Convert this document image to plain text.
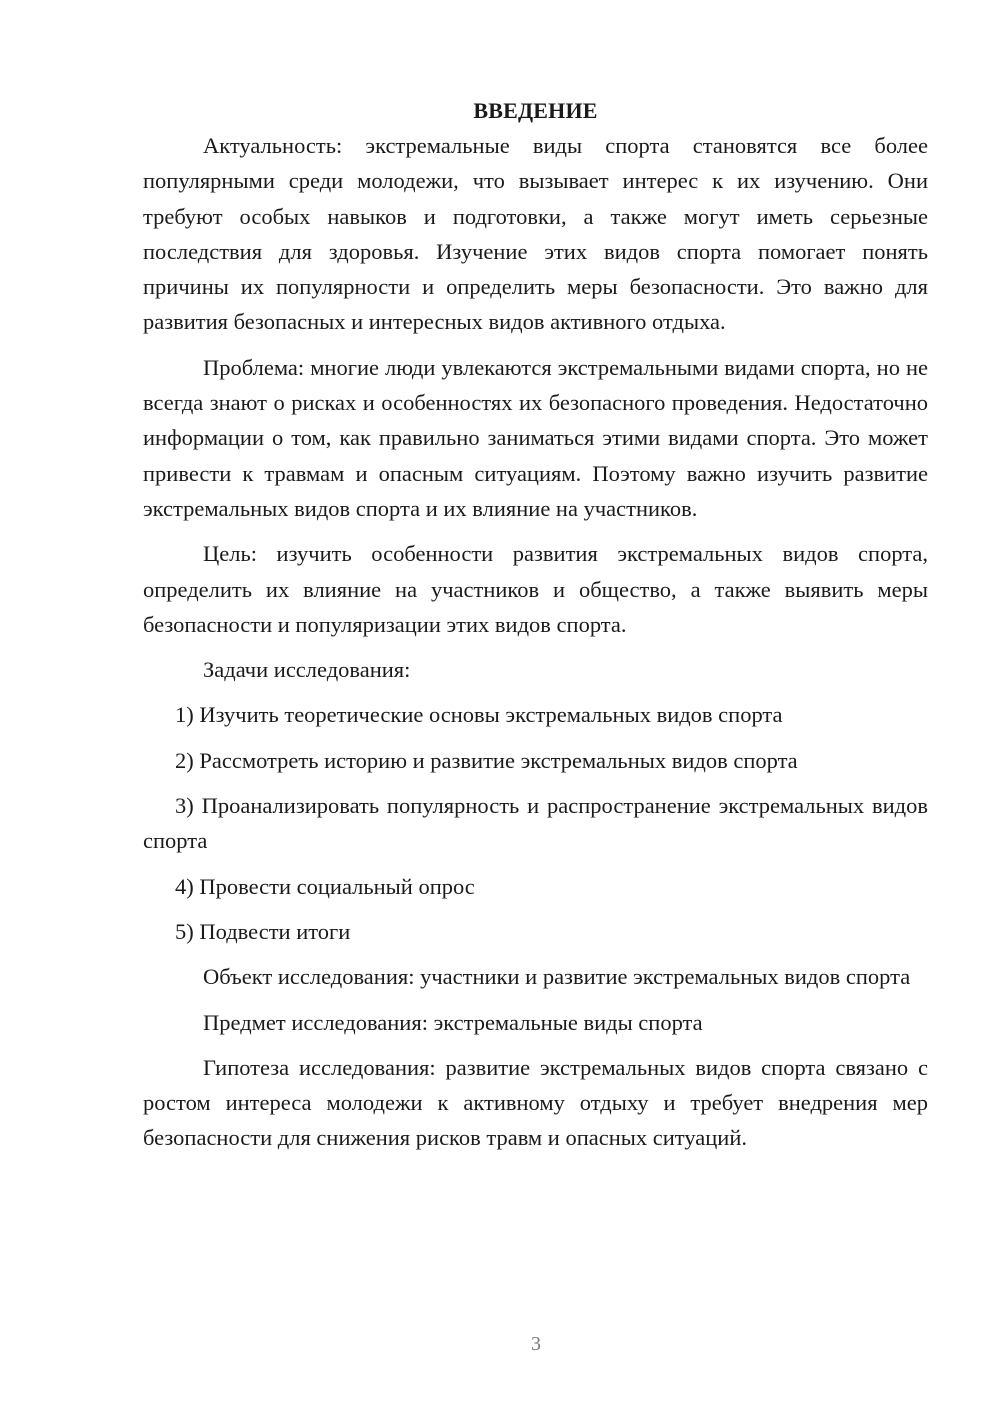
ВВЕДЕНИЕ

Актуальность: экстремальные виды спорта становятся все более популярными среди молодежи, что вызывает интерес к их изучению. Они требуют особых навыков и подготовки, а также могут иметь серьезные последствия для здоровья. Изучение этих видов спорта помогает понять причины их популярности и определить меры безопасности. Это важно для развития безопасных и интересных видов активного отдыха.

Проблема: многие люди увлекаются экстремальными видами спорта, но не всегда знают о рисках и особенностях их безопасного проведения. Недостаточно информации о том, как правильно заниматься этими видами спорта. Это может привести к травмам и опасным ситуациям. Поэтому важно изучить развитие экстремальных видов спорта и их влияние на участников.

Цель: изучить особенности развития экстремальных видов спорта, определить их влияние на участников и общество, а также выявить меры безопасности и популяризации этих видов спорта.

Задачи исследования:

1) Изучить теоретические основы экстремальных видов спорта

2) Рассмотреть историю и развитие экстремальных видов спорта

3) Проанализировать популярность и распространение экстремальных видов спорта

4) Провести социальный опрос

5) Подвести итоги

Объект исследования: участники и развитие экстремальных видов спорта

Предмет исследования: экстремальные виды спорта

Гипотеза исследования: развитие экстремальных видов спорта связано с ростом интереса молодежи к активному отдыху и требует внедрения мер безопасности для снижения рисков травм и опасных ситуаций.

3
